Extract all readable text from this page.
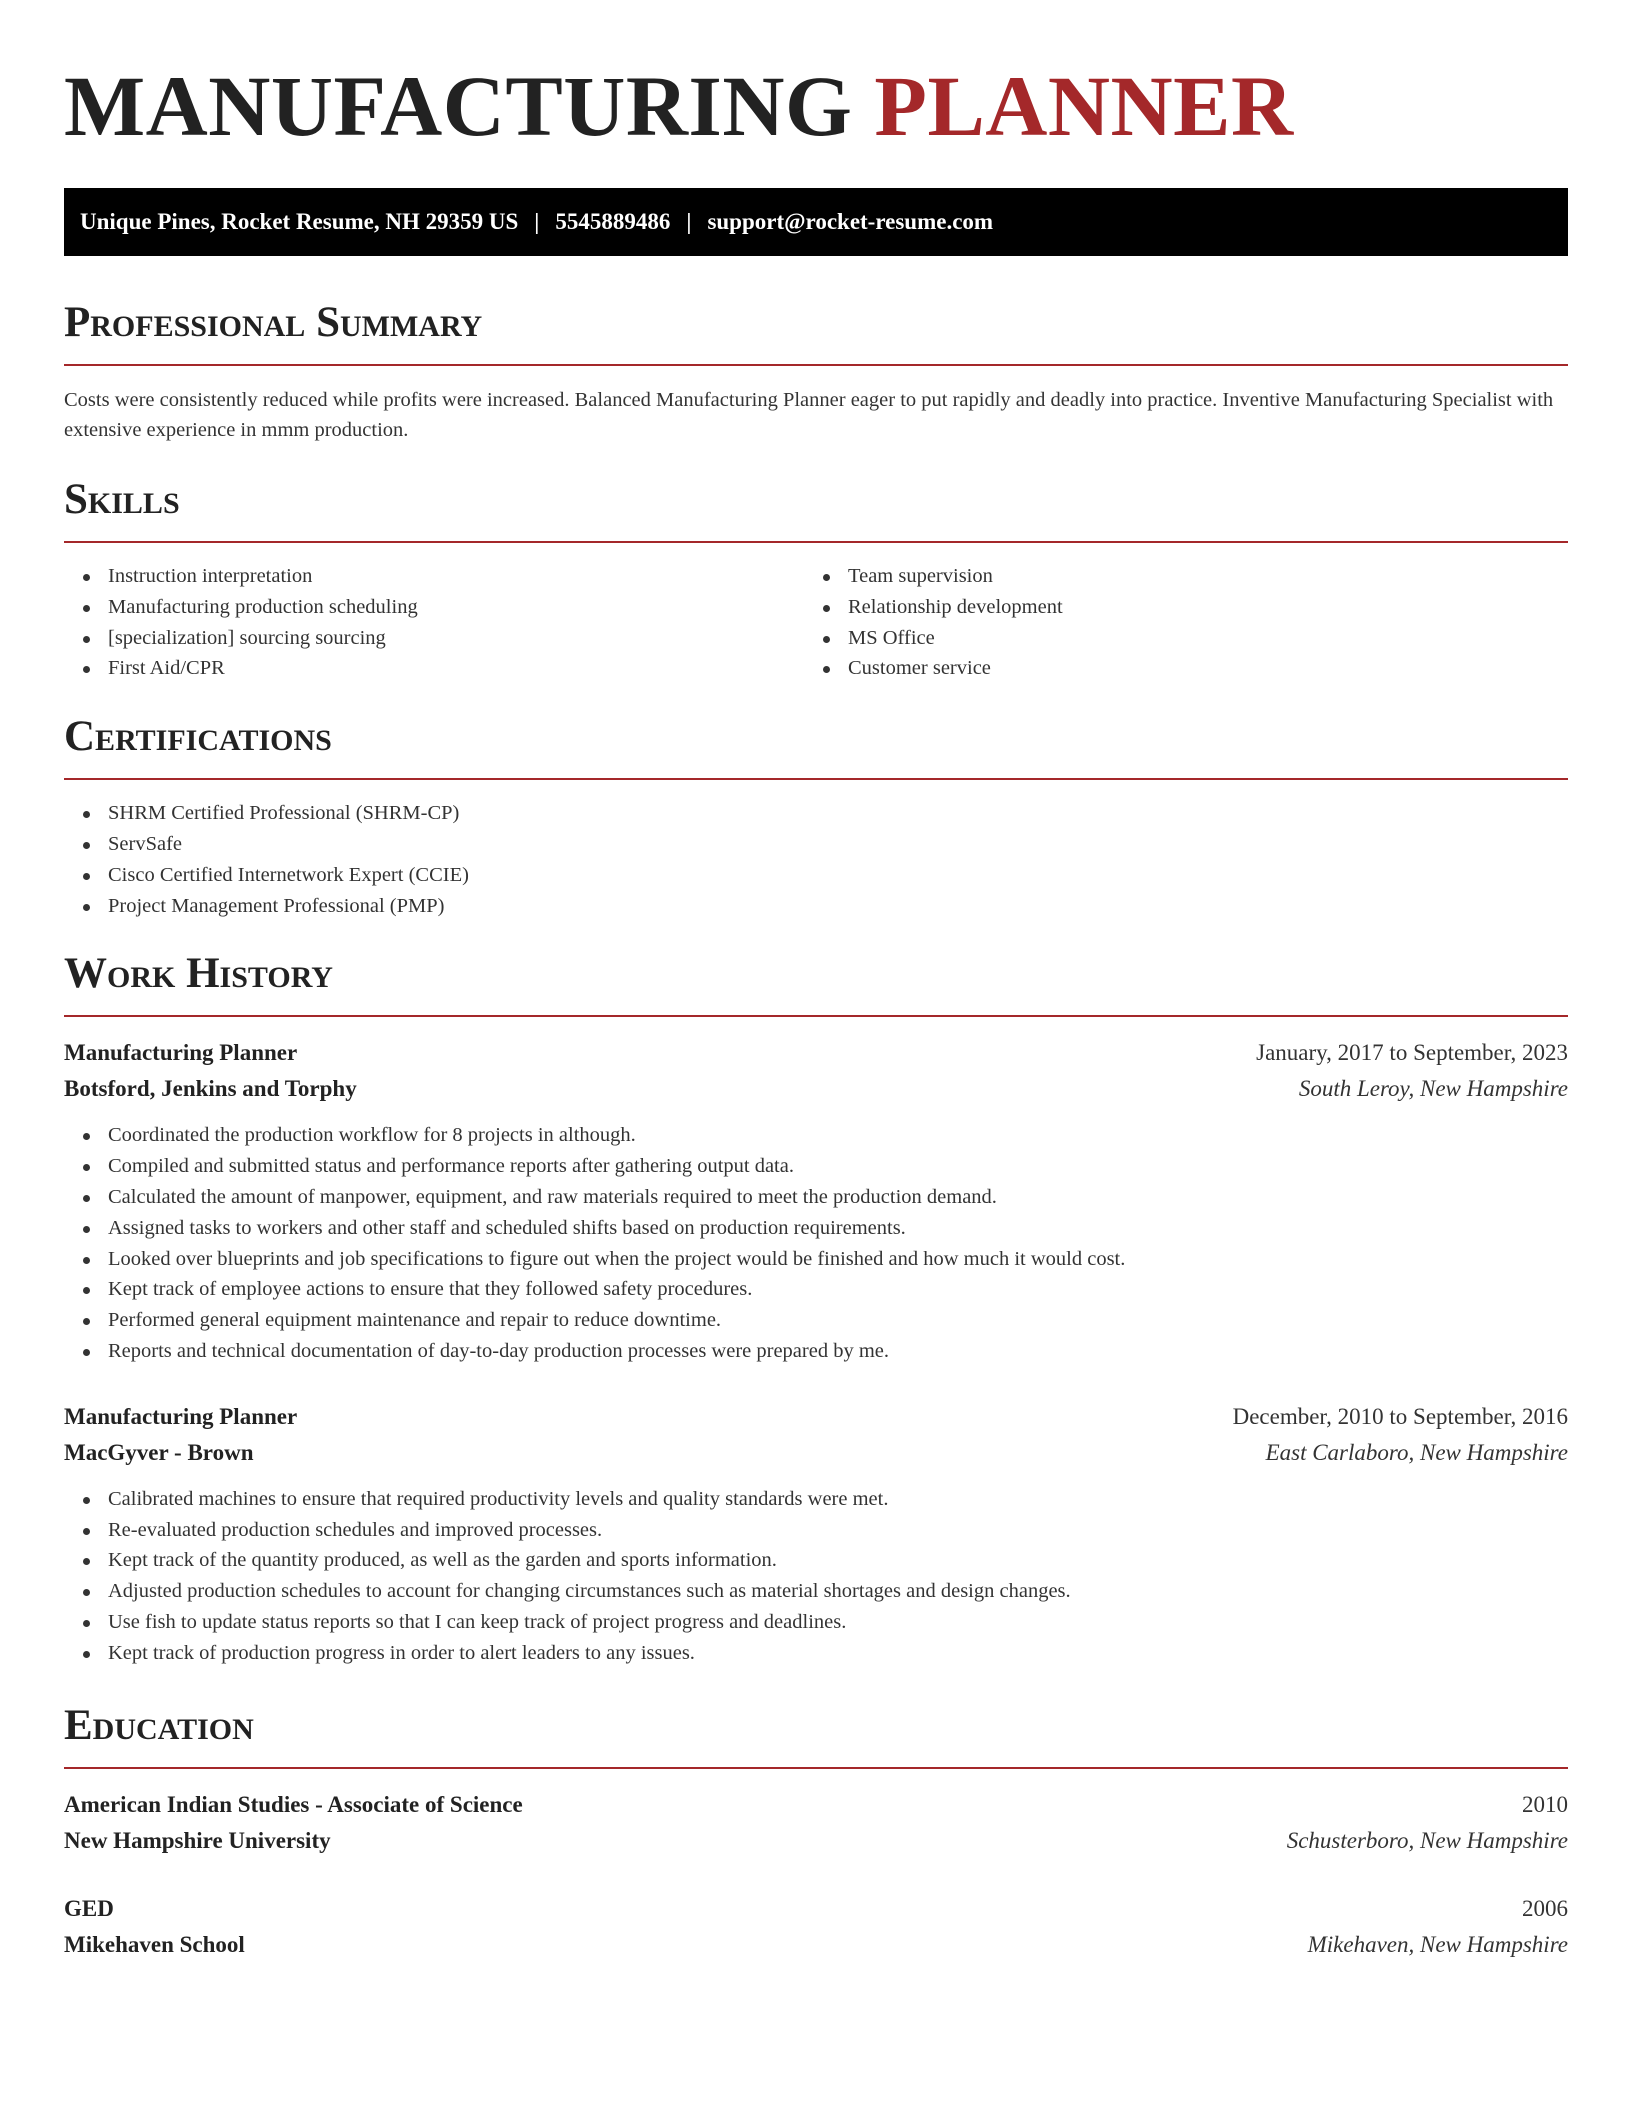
MANUFACTURING PLANNER
Unique Pines, Rocket Resume, NH 29359 US | 5545889486 | support@rocket-resume.com
Professional Summary

Costs were consistently reduced while profits were increased. Balanced Manufacturing Planner eager to put rapidly and deadly into practice. Inventive Manufacturing Specialist with extensive experience in mmm production.

Skills
Instruction interpretation
Manufacturing production scheduling
[specialization] sourcing sourcing
First Aid/CPR
Team supervision
Relationship development
MS Office
Customer service
Certifications
SHRM Certified Professional (SHRM-CP)
ServSafe
Cisco Certified Internetwork Expert (CCIE)
Project Management Professional (PMP)
Work History
Manufacturing Planner	January, 2017 to September, 2023
Botsford, Jenkins and Torphy	South Leroy, New Hampshire
Coordinated the production workflow for 8 projects in although.
Compiled and submitted status and performance reports after gathering output data.
Calculated the amount of manpower, equipment, and raw materials required to meet the production demand.
Assigned tasks to workers and other staff and scheduled shifts based on production requirements.
Looked over blueprints and job specifications to figure out when the project would be finished and how much it would cost.
Kept track of employee actions to ensure that they followed safety procedures.
Performed general equipment maintenance and repair to reduce downtime.
Reports and technical documentation of day-to-day production processes were prepared by me.
Manufacturing Planner	December, 2010 to September, 2016
MacGyver - Brown	East Carlaboro, New Hampshire
Calibrated machines to ensure that required productivity levels and quality standards were met.
Re-evaluated production schedules and improved processes.
Kept track of the quantity produced, as well as the garden and sports information.
Adjusted production schedules to account for changing circumstances such as material shortages and design changes.
Use fish to update status reports so that I can keep track of project progress and deadlines.
Kept track of production progress in order to alert leaders to any issues.
Education
American Indian Studies - Associate of Science	2010
New Hampshire University	Schusterboro, New Hampshire
GED	2006
Mikehaven School	Mikehaven, New Hampshire
